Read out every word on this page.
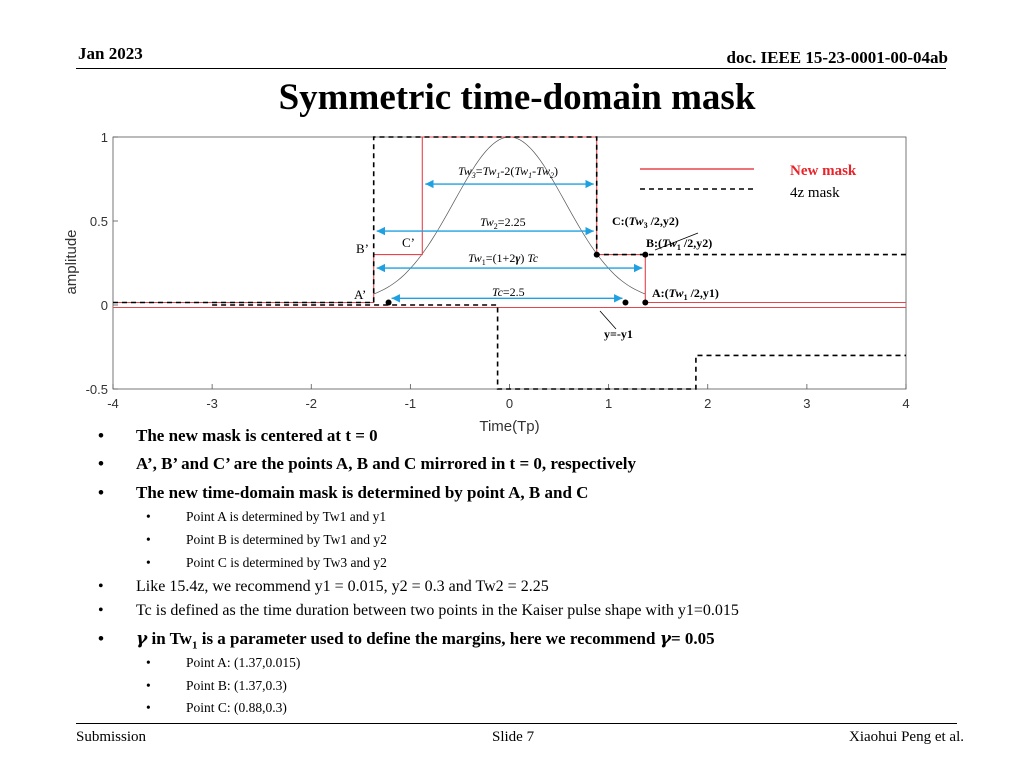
Jan 2023	doc. IEEE 15-23-0001-00-04ab
Symmetric time-domain mask
-4	-3	-2	-1	0	1	2	3	4
-0.5
0
0.5
1
Time(Tp)
amplitude
$Tw_3=Tw_1-2(Tw_1-Tw_2)$
$Tw_2=2.25$
$Tw_1=(1+2\gamma)$ Tc
Tc=2.5
C’
B’
A’
$C:(Tw_3$ /2,y2)
$B:(Tw_1$ /2,y2)
$A:(Tw_1$ /2,y1)
y=-y1
New mask
4z mask
• The new mask is centered at t = 0
• A’, B’ and C’ are the points A, B and C mirrored in t = 0, respectively
• The new time-domain mask is determined by point A, B and C
•	Point A is determined by Tw1 and y1
•	Point B is determined by Tw1 and y2
•	Point C is determined by Tw3 and y2
• Like 15.4z, we recommend y1 = 0.015, y2 = 0.3 and Tw2 = 2.25
• Tc is defined as the time duration between two points in the Kaiser pulse shape with y1=0.015
• γ in $Tw_1$ is a parameter used to define the margins, here we recommend γ= 0.05
•	Point A: (1.37,0.015)
•	Point B: (1.37,0.3)
•	Point C: (0.88,0.3)
Submission	Slide 7	Xiaohui Peng et al.
